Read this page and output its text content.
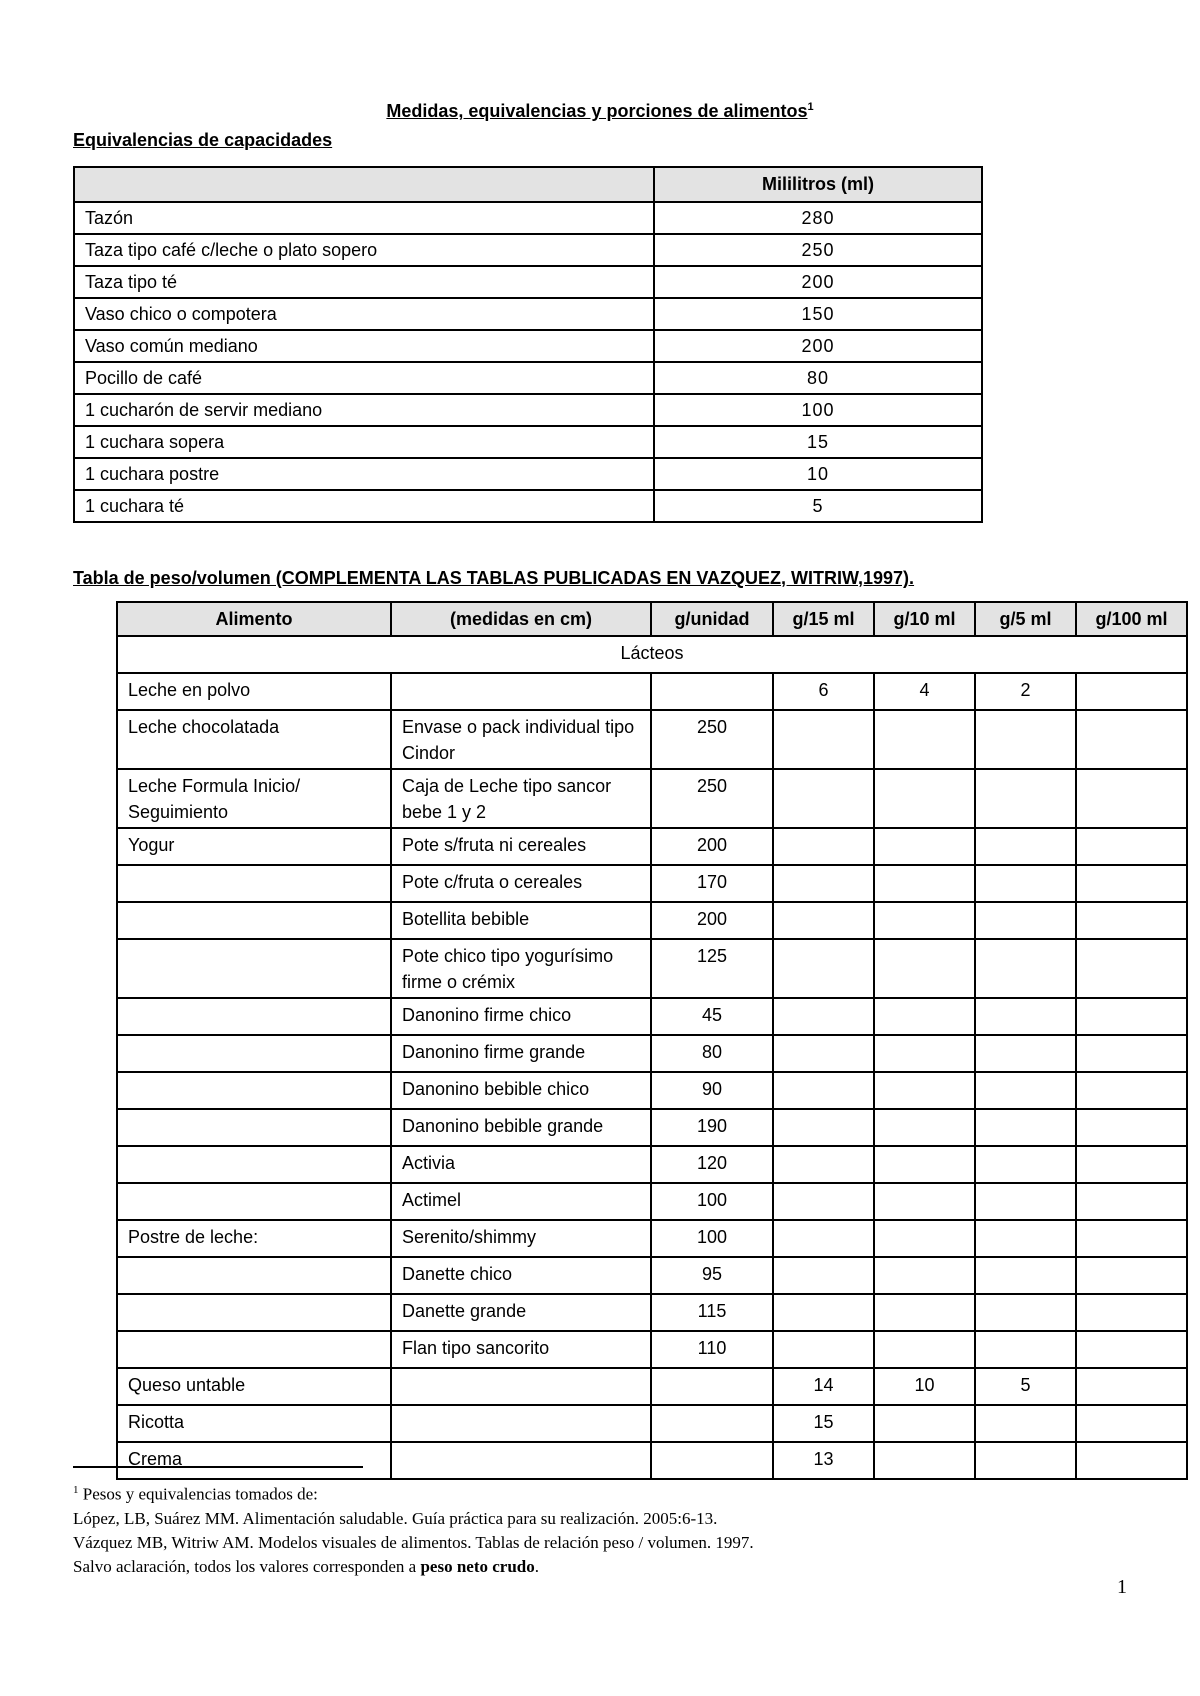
Medidas, equivalencias y porciones de alimentos$^1$
Equivalencias de capacidades
	Mililitros (ml)
Tazón	280
Taza tipo café c/leche o plato sopero	250
Taza tipo té	200
Vaso chico o compotera	150
Vaso común mediano	200
Pocillo de café	80
1 cucharón de servir mediano	100
1 cuchara sopera	15
1 cuchara postre	10
1 cuchara té	5
Tabla de peso/volumen (COMPLEMENTA LAS TABLAS PUBLICADAS EN VAZQUEZ, WITRIW,1997).
Alimento	(medidas en cm)	g/unidad	g/15 ml	g/10 ml	g/5 ml	g/100 ml
Lácteos						
Leche en polvo			6	4	2	
Leche chocolatada	Envase o pack individual tipo Cindor	250				
Leche Formula Inicio/ Seguimiento	Caja de Leche tipo sancor bebe 1 y 2	250				
Yogur	Pote s/fruta ni cereales	200				
	Pote c/fruta o cereales	170				
	Botellita bebible	200				
	Pote chico tipo yogurísimo firme o crémix	125				
	Danonino firme chico	45				
	Danonino firme grande	80				
	Danonino bebible chico	90				
	Danonino bebible grande	190				
	Activia	120				
	Actimel	100				
Postre de leche:	Serenito/shimmy	100				
	Danette chico	95				
	Danette grande	115				
	Flan tipo sancorito	110				
Queso untable			14	10	5	
Ricotta			15			
Crema			13			
$^1$ Pesos y equivalencias tomados de:
López, LB, Suárez MM. Alimentación saludable. Guía práctica para su realización. 2005:6-13.
Vázquez MB, Witriw AM. Modelos visuales de alimentos. Tablas de relación peso / volumen. 1997.
Salvo aclaración, todos los valores corresponden a peso neto crudo.
1
